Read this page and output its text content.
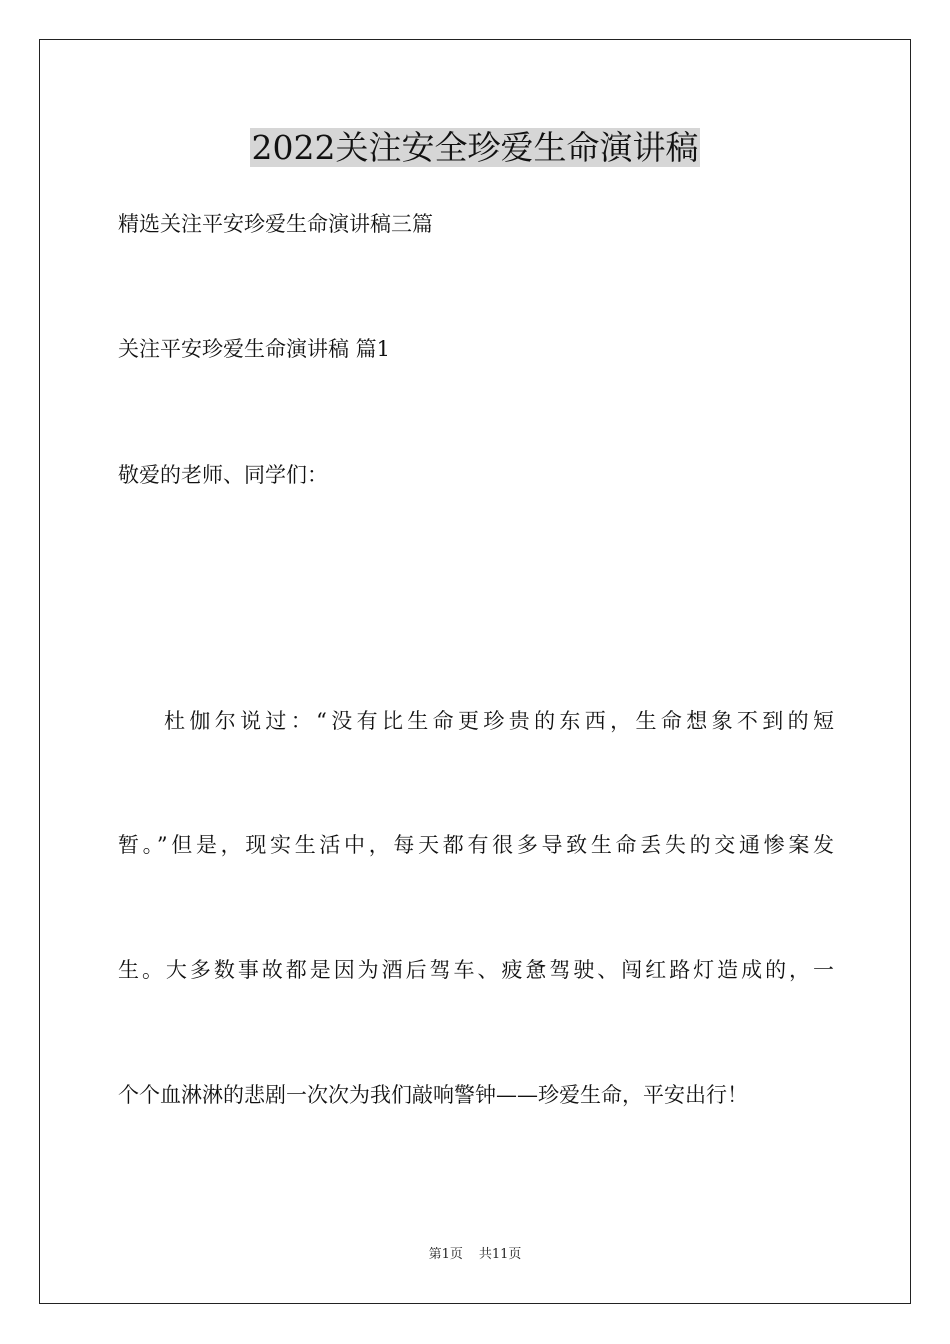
2022关注安全珍爱生命演讲稿

精选关注平安珍爱生命演讲稿三篇

关注平安珍爱生命演讲稿 篇1

敬爱的老师、同学们：

杜伽尔说过：“没有比生命更珍贵的东西，生命想象不到的短

暂。”但是，现实生活中，每天都有很多导致生命丢失的交通惨案发

生。大多数事故都是因为酒后驾车、疲惫驾驶、闯红路灯造成的，一

个个血淋淋的悲剧一次次为我们敲响警钟——珍爱生命，平安出行！

第1页 共11页
